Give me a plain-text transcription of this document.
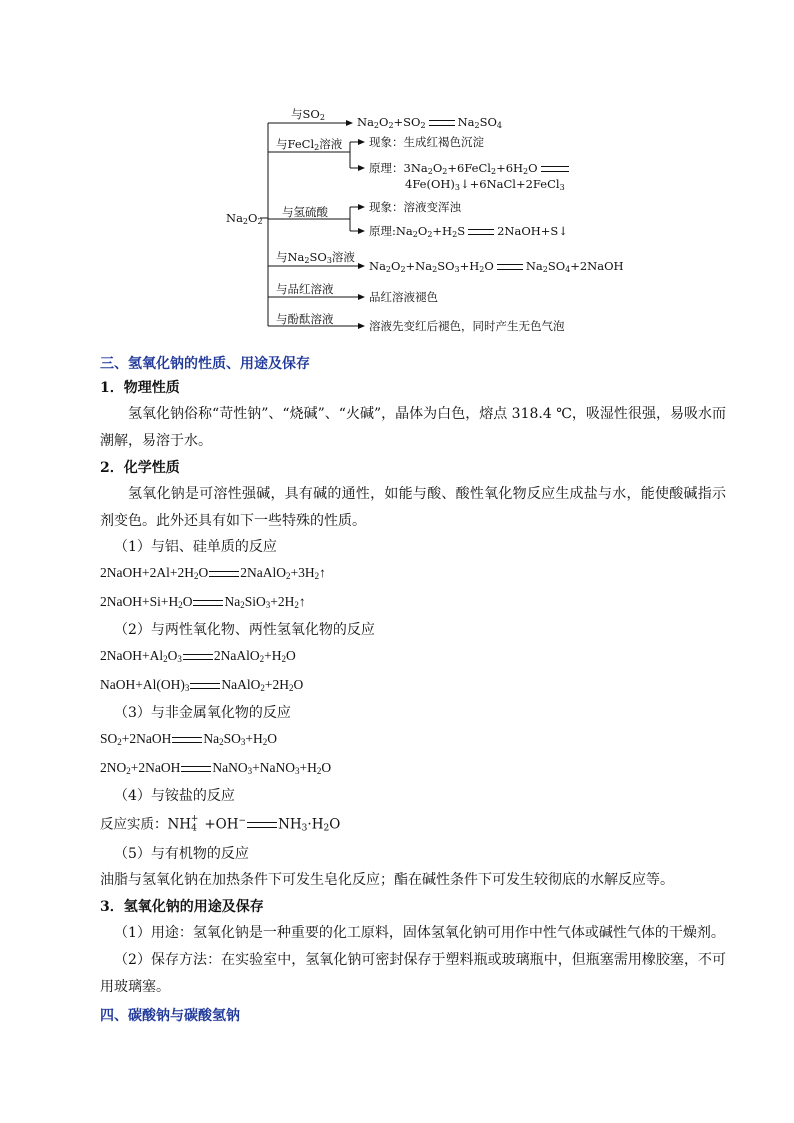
$Na_2O_2$
与$SO_2$	$Na_2O_2+SO_2$	$Na_2SO_4$
与FeCl$_2$溶液 现象：生成红褐色沉淀
原理：$3Na_2O_2+6FeCl_2+6H_2O$
$4Fe(OH)_3↓+6NaCl+2FeCl_3$
与氢硫酸	现象：溶液变浑浊
原理$:Na_2O_2+H_2S$	2NaOH+S↓
与$Na_2SO_3$溶液
$Na_2O_2+Na_2SO_3+H_2O$	$Na_2SO_4+2NaOH$
与品红溶液
品红溶液褪色
与酚酞溶液	溶液先变红后褪色，同时产生无色气泡

三、氢氧化钠的性质、用途及保存

1．物理性质

氢氧化钠俗称“苛性钠”、“烧碱”、“火碱”，晶体为白色，熔点 318.4 ℃，吸湿性很强，易吸水而潮解，易溶于水。

2．化学性质

氢氧化钠是可溶性强碱，具有碱的通性，如能与酸、酸性氧化物反应生成盐与水，能使酸碱指示剂变色。此外还具有如下一些特殊的性质。

（1）与铝、硅单质的反应

$2NaOH+2Al+2H_2O$ $2NaAlO_2+3H_2↑$

$2NaOH+Si+H_2O$ $Na_2SiO_3+2H_2↑$

（2）与两性氧化物、两性氢氧化物的反应

$2NaOH+Al_2O_3$ $2NaAlO_2+H_2O$

$NaOH+Al(OH)_3$ $NaAlO_2+2H_2O$

（3）与非金属氧化物的反应

$SO_2+2NaOH$ $Na_2SO_3+H_2O$

$2NO_2+2NaOH$ $NaNO_3+NaNO_3+H_2O$

（4）与铵盐的反应

反应实质：$NH_4^+ +OH^-$ $NH_3\cdot H_2O$

（5）与有机物的反应

油脂与氢氧化钠在加热条件下可发生皂化反应；酯在碱性条件下可发生较彻底的水解反应等。

3．氢氧化钠的用途及保存

（1）用途：氢氧化钠是一种重要的化工原料，固体氢氧化钠可用作中性气体或碱性气体的干燥剂。

（2）保存方法：在实验室中，氢氧化钠可密封保存于塑料瓶或玻璃瓶中，但瓶塞需用橡胶塞，不可用玻璃塞。

四、碳酸钠与碳酸氢钠
